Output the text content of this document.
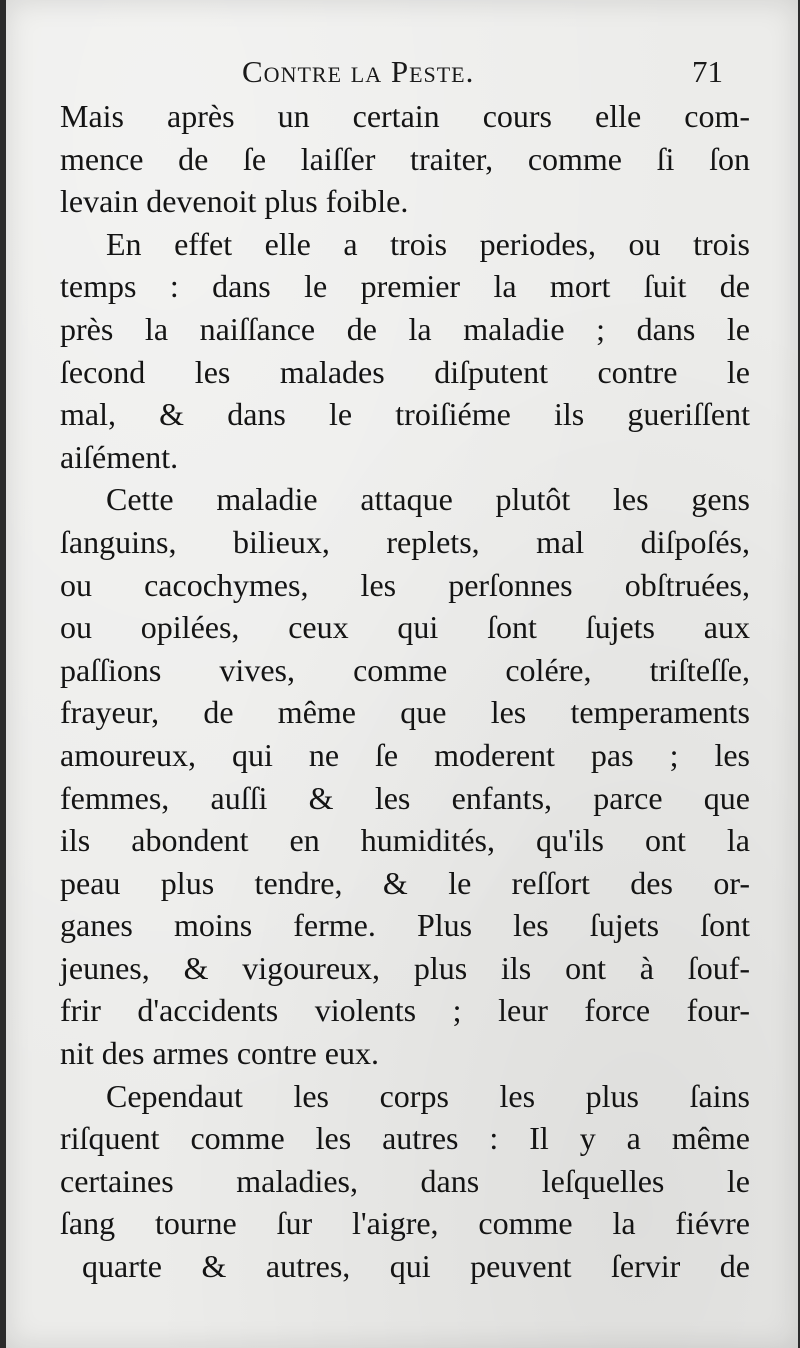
Contre la Peste.	71
Mais après un certain cours elle com-
mence de ſe laiſſer traiter, comme ſi ſon
levain devenoit plus foible.
En effet elle a trois periodes, ou trois
temps : dans le premier la mort ſuit de
près la naiſſance de la maladie ; dans le
ſecond les malades diſputent contre le
mal, & dans le troiſiéme ils gueriſſent
aiſément.
Cette maladie attaque plutôt les gens
ſanguins, bilieux, replets, mal diſpoſés,
ou cacochymes, les perſonnes obſtruées,
ou opilées, ceux qui ſont ſujets aux
paſſions vives, comme colére, triſteſſe,
frayeur, de même que les temperaments
amoureux, qui ne ſe moderent pas ; les
femmes, auſſi & les enfants, parce que
ils abondent en humidités, qu'ils ont la
peau plus tendre, & le reſſort des or-
ganes moins ferme. Plus les ſujets ſont
jeunes, & vigoureux, plus ils ont à ſouf-
frir d'accidents violents ; leur force four-
nit des armes contre eux.
Cependaut les corps les plus ſains
riſquent comme les autres : Il y a même
certaines maladies, dans leſquelles le
ſang tourne ſur l'aigre, comme la fiévre
quarte & autres, qui peuvent ſervir de
